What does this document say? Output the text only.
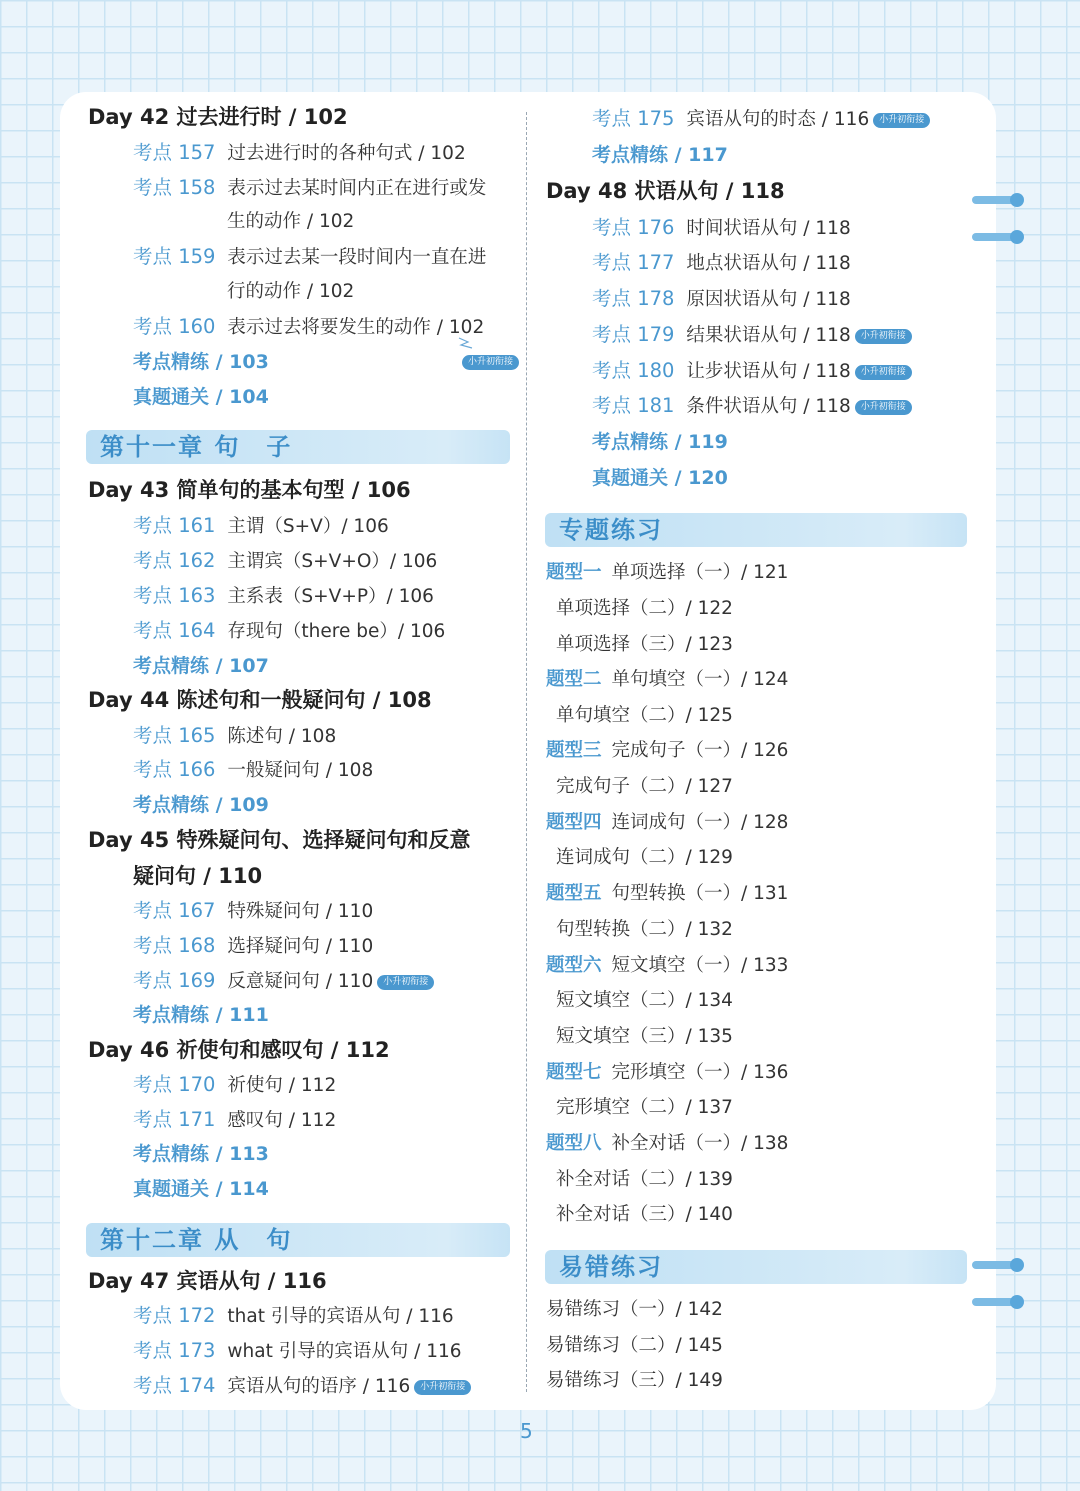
Day 42 过去进行时 / 102
考点 157 过去进行时的各种句式 / 102
考点 158 表示过去某时间内正在进行或发
生的动作 / 102
考点 159 表示过去某一段时间内一直在进
行的动作 / 102
考点 160 表示过去将要发生的动作 / 102
考点精练 / 103	小升初衔接
真题通关 / 104
第十一章 句　子
Day 43 简单句的基本句型 / 106
考点 161 主谓（S+V）/ 106
考点 162 主谓宾（S+V+O）/ 106
考点 163 主系表（S+V+P）/ 106
考点 164 存现句（there be）/ 106
考点精练 / 107
Day 44 陈述句和一般疑问句 / 108
考点 165 陈述句 / 108
考点 166 一般疑问句 / 108
考点精练 / 109
Day 45 特殊疑问句、选择疑问句和反意
疑问句 / 110
考点 167 特殊疑问句 / 110
考点 168 选择疑问句 / 110
考点 169 反意疑问句 / 110 小升初衔接
考点精练 / 111
Day 46 祈使句和感叹句 / 112
考点 170 祈使句 / 112
考点 171 感叹句 / 112
考点精练 / 113
真题通关 / 114
第十二章 从　句
Day 47 宾语从句 / 116
考点 172 that 引导的宾语从句 / 116
考点 173 what 引导的宾语从句 / 116
考点 174 宾语从句的语序 / 116 小升初衔接
考点 175 宾语从句的时态 / 116 小升初衔接
考点精练 / 117
Day 48 状语从句 / 118
考点 176 时间状语从句 / 118
考点 177 地点状语从句 / 118
考点 178 原因状语从句 / 118
考点 179 结果状语从句 / 118 小升初衔接
考点 180 让步状语从句 / 118 小升初衔接
考点 181 条件状语从句 / 118 小升初衔接
考点精练 / 119
真题通关 / 120
专题练习
题型一 单项选择（一）/ 121
单项选择（二）/ 122
单项选择（三）/ 123
题型二 单句填空（一）/ 124
单句填空（二）/ 125
题型三 完成句子（一）/ 126
完成句子（二）/ 127
题型四 连词成句（一）/ 128
连词成句（二）/ 129
题型五 句型转换（一）/ 131
句型转换（二）/ 132
题型六 短文填空（一）/ 133
短文填空（二）/ 134
短文填空（三）/ 135
题型七 完形填空（一）/ 136
完形填空（二）/ 137
题型八 补全对话（一）/ 138
补全对话（二）/ 139
补全对话（三）/ 140
易错练习
易错练习（一）/ 142
易错练习（二）/ 145
易错练习（三）/ 149
5
